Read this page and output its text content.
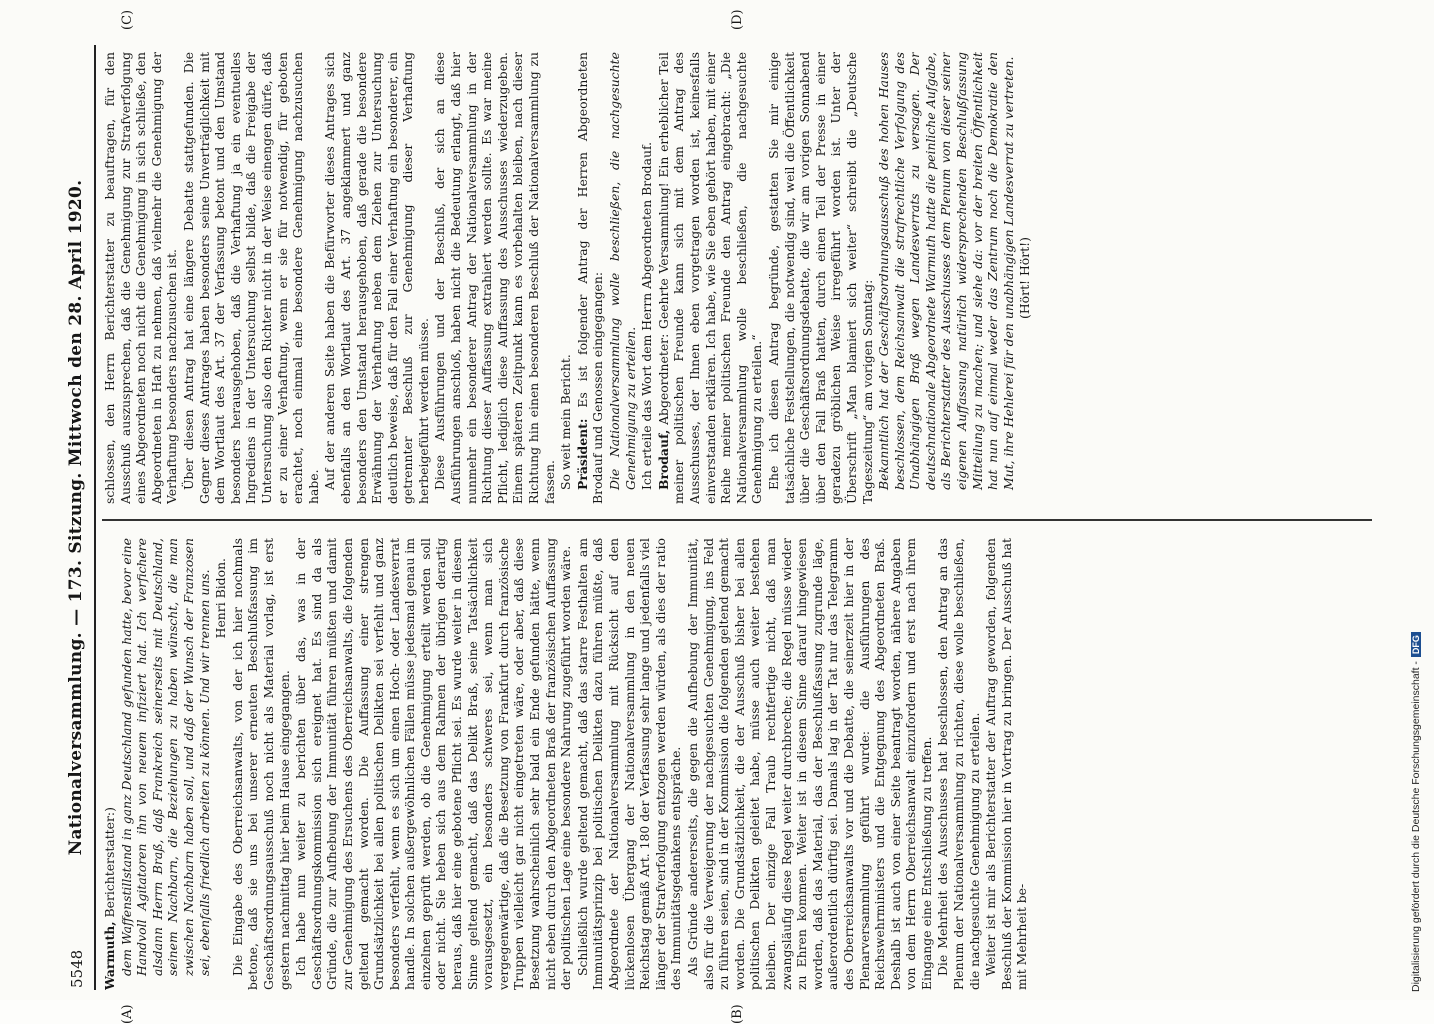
5548
Nationalversammlung. — 173. Sitzung. Mittwoch den 28. April 1920.
(A)	(B)
(C)	(D)

Warmuth, Berichterstatter:) dem Waffenstillstand in ganz Deutschland gefunden hatte, bevor eine Handvoll Agitatoren ihn von neuem infiziert hat. Ich verfichere alsdann Herrn Braß, daß Frankreich seinerseits mit Deutschland, seinem Nachbarn, die Beziehungen zu haben wünscht, die man zwischen Nachbarn haben soll, und daß der Wunsch der Franzosen sei, ebenfalls friedlich arbeiten zu können. Und wir trennen uns. Henri Bidon. Die Eingabe des Oberreichsanwalts, von der ich hier nochmals betone, daß sie uns bei unserer erneuten Beschlußfassung im Geschäftsordnungsausschuß noch nicht als Material vorlag, ist erst gestern nachmittag hier beim Hause eingegangen. Ich habe nun weiter zu berichten über das, was in der Geschäftsordnungskommission sich ereignet hat. Es sind da als Gründe, die zur Aufhebung der Immunität führen müßten und damit zur Genehmigung des Ersuchens des Oberreichsanwalts, die folgenden geltend gemacht worden. Die Auffassung einer strengen Grundsätzlichkeit bei allen politischen Delikten sei verfehlt und ganz besonders verfehlt, wenn es sich um einen Hoch- oder Landesverrat handle. In solchen außergewöhnlichen Fällen müsse jedesmal genau im einzelnen geprüft werden, ob die Genehmigung erteilt werden soll oder nicht. Sie heben sich aus dem Rahmen der übrigen derartig heraus, daß hier eine gebotene Pflicht sei. Es wurde weiter in diesem Sinne geltend gemacht, daß das Delikt Braß, seine Tatsächlichkeit vorausgesetzt, ein besonders schweres sei, wenn man sich vergegenwärtige, daß die Besetzung von Frankfurt durch französische Truppen vielleicht gar nicht eingetreten wäre, oder aber, daß diese Besetzung wahrscheinlich sehr bald ein Ende gefunden hätte, wenn nicht eben durch den Abgeordneten Braß der französischen Auffassung der politischen Lage eine besondere Nahrung zugeführt worden wäre. Schließlich wurde geltend gemacht, daß das starre Festhalten am Immunitätsprinzip bei politischen Delikten dazu führen müßte, daß Abgeordnete der Nationalversammlung mit Rücksicht auf den lückenlosen Übergang der Nationalversammlung in den neuen Reichstag gemäß Art. 180 der Verfassung sehr lange und jedenfalls viel länger der Strafverfolgung entzogen werden würden, als dies der ratio des Immunitätsgedankens entspräche. Als Gründe andererseits, die gegen die Aufhebung der Immunität, also für die Verweigerung der nachgesuchten Genehmigung, ins Feld zu führen seien, sind in der Kommission die folgenden geltend gemacht worden. Die Grundsätzlichkeit, die der Ausschuß bisher bei allen politischen Delikten geleitet habe, müsse auch weiter bestehen bleiben. Der einzige Fall Traub rechtfertige nicht, daß man zwangsläufig diese Regel weiter durchbreche; die Regel müsse wieder zu Ehren kommen. Weiter ist in diesem Sinne darauf hingewiesen worden, daß das Material, das der Beschlußfassung zugrunde läge, außerordentlich dürftig sei. Damals lag in der Tat nur das Telegramm des Oberreichsanwalts vor und die Debatte, die seinerzeit hier in der Plenarversammlung geführt wurde: die Ausführungen des Reichswehrministers und die Entgegnung des Abgeordneten Braß. Deshalb ist auch von einer Seite beantragt worden, nähere Angaben von dem Herrn Oberreichsanwalt einzufordern und erst nach ihrem Eingange eine Entschließung zu treffen. Die Mehrheit des Ausschusses hat beschlossen, den Antrag an das Plenum der Nationalversammlung zu richten, diese wolle beschließen, die nachgesuchte Genehmigung zu erteilen. Weiter ist mir als Berichterstatter der Auftrag geworden, folgenden Beschluß der Kommission hier in Vortrag zu bringen. Der Ausschuß hat mit Mehrheit be-

schlossen, den Herrn Berichterstatter zu beauftragen, für den Ausschuß auszusprechen, daß die Genehmigung zur Strafverfolgung eines Abgeordneten noch nicht die Genehmigung in sich schließe, den Abgeordneten in Haft zu nehmen, daß vielmehr die Genehmigung der Verhaftung besonders nachzusuchen ist. Über diesen Antrag hat eine längere Debatte stattgefunden. Die Gegner dieses Antrages haben besonders seine Unverträglichkeit mit dem Wortlaut des Art. 37 der Verfassung betont und den Umstand besonders herausgehoben, daß die Verhaftung ja ein eventuelles Ingrediens in der Untersuchung selbst bilde, daß die Freigabe der Untersuchung also den Richter nicht in der Weise einengen dürfe, daß er zu einer Verhaftung, wenn er sie für notwendig, für geboten erachtet, noch einmal eine besondere Genehmigung nachzusuchen habe. Auf der anderen Seite haben die Befürworter dieses Antrages sich ebenfalls an den Wortlaut des Art. 37 angeklammert und ganz besonders den Umstand herausgehoben, daß gerade die besondere Erwähnung der Verhaftung neben dem Ziehen zur Untersuchung deutlich beweise, daß für den Fall einer Verhaftung ein besonderer, ein getrennter Beschluß zur Genehmigung dieser Verhaftung herbeigeführt werden müsse. Diese Ausführungen und der Beschluß, der sich an diese Ausführungen anschloß, haben nicht die Bedeutung erlangt, daß hier nunmehr ein besonderer Antrag der Nationalversammlung in der Richtung dieser Auffassung extrahiert werden sollte. Es war meine Pflicht, lediglich diese Auffassung des Ausschusses wiederzugeben. Einem späteren Zeitpunkt kann es vorbehalten bleiben, nach dieser Richtung hin einen besonderen Beschluß der Nationalversammlung zu fassen. So weit mein Bericht. Präsident: Es ist folgender Antrag der Herren Abgeordneten Brodauf und Genossen eingegangen: Die Nationalversammlung wolle beschließen, die nachgesuchte Genehmigung zu erteilen. Ich erteile das Wort dem Herrn Abgeordneten Brodauf. Brodauf, Abgeordneter: Geehrte Versammlung! Ein erheblicher Teil meiner politischen Freunde kann sich mit dem Antrag des Ausschusses, der Ihnen eben vorgetragen worden ist, keinesfalls einverstanden erklären. Ich habe, wie Sie eben gehört haben, mit einer Reihe meiner politischen Freunde den Antrag eingebracht: „Die Nationalversammlung wolle beschließen, die nachgesuchte Genehmigung zu erteilen.“ Ehe ich diesen Antrag begründe, gestatten Sie mir einige tatsächliche Feststellungen, die notwendig sind, weil die Öffentlichkeit über die Geschäftsordnungsdebatte, die wir am vorigen Sonnabend über den Fall Braß hatten, durch einen Teil der Presse in einer geradezu gröblichen Weise irregeführt worden ist. Unter der Überschrift „Man blamiert sich weiter“ schreibt die „Deutsche Tageszeitung“ am vorigen Sonntag: Bekanntlich hat der Geschäftsordnungsausschuß des hohen Hauses beschlossen, dem Reichsanwalt die strafrechtliche Verfolgung des Unabhängigen Braß wegen Landesverrats zu versagen. Der deutschnationale Abgeordnete Warmuth hatte die peinliche Aufgabe, als Berichterstatter des Ausschusses dem Plenum von dieser seiner eigenen Auffassung natürlich widersprechenden Beschlußfassung Mitteilung zu machen; und siehe da: vor der breiten Öffentlichkeit hat nun auf einmal weder das Zentrum noch die Demokratie den Mut, ihre Hehlerei für den unabhängigen Landesverrat zu vertreten. (Hört! Hört!)

Digitalisierung gefördert durch die Deutsche Forschungsgemeinschaft -DFG
